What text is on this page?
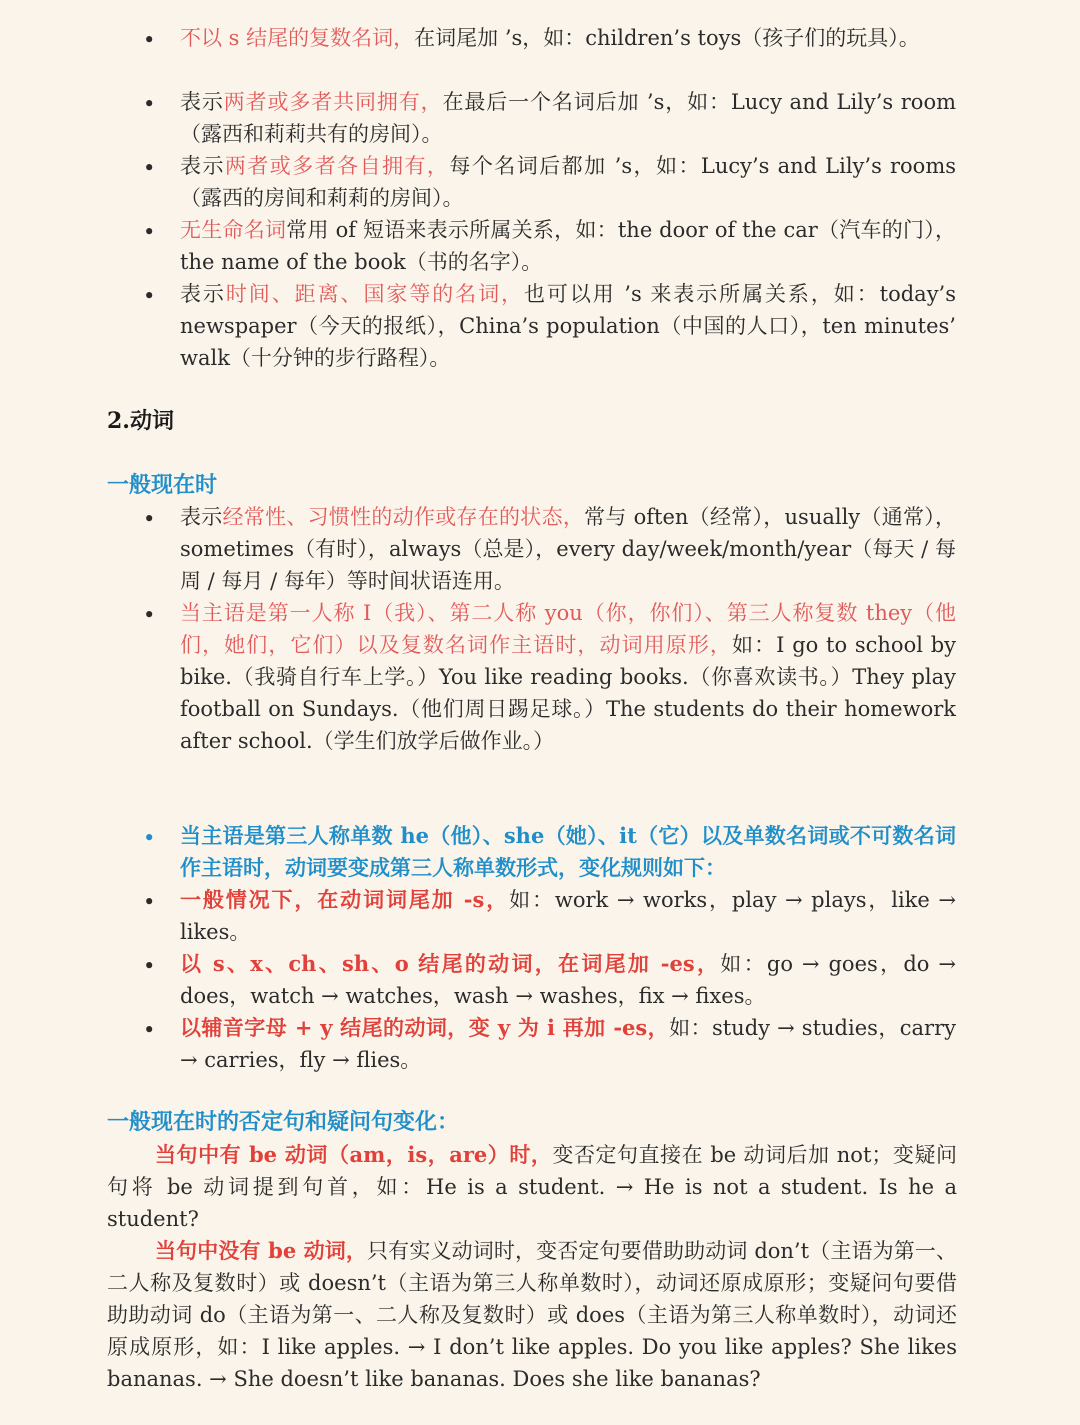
• 不以 s 结尾的复数名词，在词尾加 ’s，如：children’s toys（孩子们的玩具）。
• 表示两者或多者共同拥有，在最后一个名词后加 ’s，如：Lucy and Lily’s room（露西和莉莉共有的房间）。
• 表示两者或多者各自拥有，每个名词后都加 ’s，如：Lucy’s and Lily’s rooms（露西的房间和莉莉的房间）。
• 无生命名词常用 of 短语来表示所属关系，如：the door of the car（汽车的门），the name of the book（书的名字）。
• 表示时间、距离、国家等的名词，也可以用 ’s 来表示所属关系，如：today’s newspaper（今天的报纸），China’s population（中国的人口），ten minutes’ walk（十分钟的步行路程）。
2.动词
一般现在时
• 表示经常性、习惯性的动作或存在的状态，常与 often（经常），usually（通常），sometimes（有时），always（总是），every day/week/month/year（每天 / 每周 / 每月 / 每年）等时间状语连用。
• 当主语是第一人称 I（我）、第二人称 you（你，你们）、第三人称复数 they（他们，她们，它们）以及复数名词作主语时，动词用原形，如：I go to school by bike.（我骑自行车上学。）You like reading books.（你喜欢读书。）They play football on Sundays.（他们周日踢足球。）The students do their homework after school.（学生们放学后做作业。）
• 当主语是第三人称单数 he（他）、she（她）、it（它）以及单数名词或不可数名词作主语时，动词要变成第三人称单数形式，变化规则如下：
• 一般情况下，在动词词尾加 -s，如：work → works，play → plays，like → likes。
• 以 s、x、ch、sh、o 结尾的动词，在词尾加 -es，如：go → goes，do → does，watch → watches，wash → washes，fix → fixes。
• 以辅音字母 + y 结尾的动词，变 y 为 i 再加 -es，如：study → studies，carry → carries，fly → flies。
一般现在时的否定句和疑问句变化：
当句中有 be 动词（am，is，are）时，变否定句直接在 be 动词后加 not；变疑问句将 be 动词提到句首，如：He is a student. → He is not a student. Is he a student?
当句中没有 be 动词，只有实义动词时，变否定句要借助助动词 don’t（主语为第一、二人称及复数时）或 doesn’t（主语为第三人称单数时），动词还原成原形；变疑问句要借助助动词 do（主语为第一、二人称及复数时）或 does（主语为第三人称单数时），动词还原成原形，如：I like apples. → I don’t like apples. Do you like apples? She likes bananas. → She doesn’t like bananas. Does she like bananas?
